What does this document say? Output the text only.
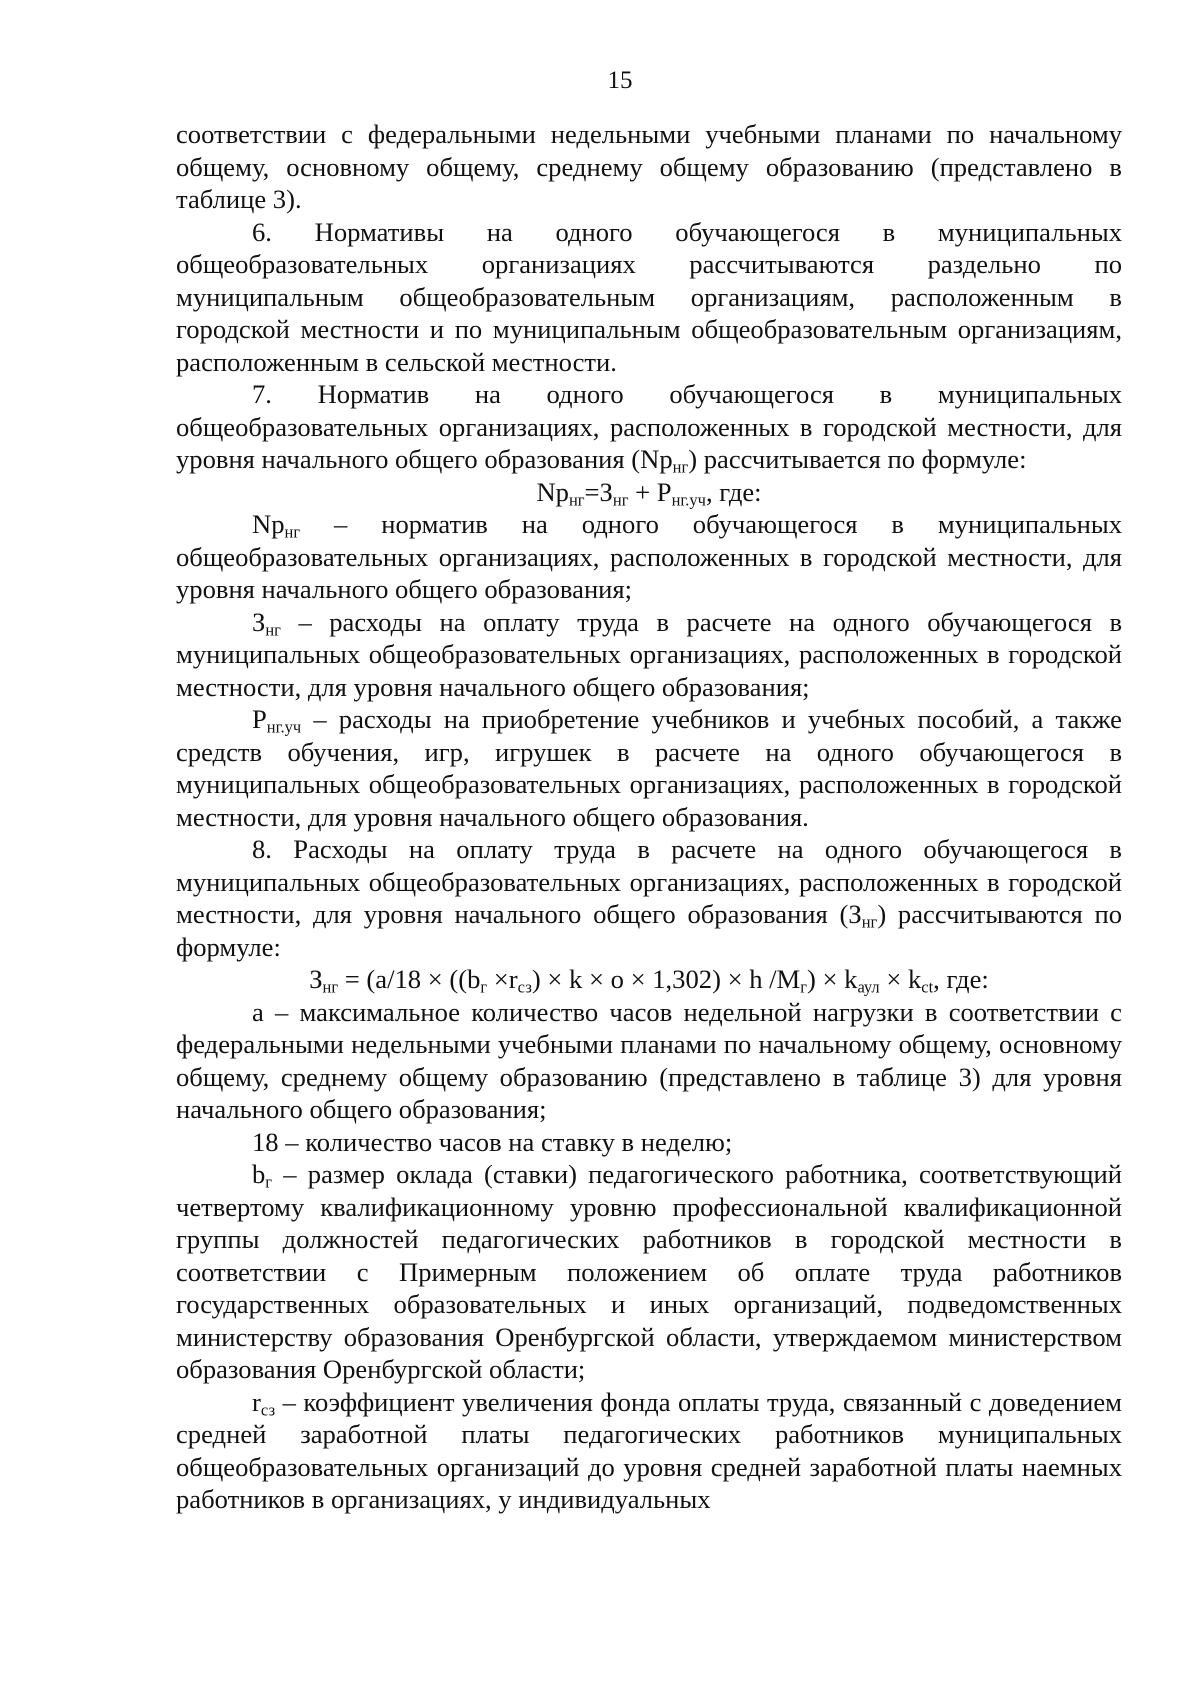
15

соответствии с федеральными недельными учебными планами по начальному общему, основному общему, среднему общему образованию (представлено в таблице 3).

6. Нормативы на одного обучающегося в муниципальных общеобразовательных организациях рассчитываются раздельно по муниципальным общеобразовательным организациям, расположенным в городской местности и по муниципальным общеобразовательным организациям, расположенным в сельской местности.

7. Норматив на одного обучающегося в муниципальных общеобразовательных организациях, расположенных в городской местности, для уровня начального общего образования $(Np_{нг})$ рассчитывается по формуле:

$Np_{нг}=З_{нг} + P_{нг.уч}$, где:

$Np_{нг}$ – норматив на одного обучающегося в муниципальных общеобразовательных организациях, расположенных в городской местности, для уровня начального общего образования;

$З_{нг}$ – расходы на оплату труда в расчете на одного обучающегося в муниципальных общеобразовательных организациях, расположенных в городской местности, для уровня начального общего образования;

$P_{нг.уч}$ – расходы на приобретение учебников и учебных пособий, а также средств обучения, игр, игрушек в расчете на одного обучающегося в муниципальных общеобразовательных организациях, расположенных в городской местности, для уровня начального общего образования.

8. Расходы на оплату труда в расчете на одного обучающегося в муниципальных общеобразовательных организациях, расположенных в городской местности, для уровня начального общего образования $(З_{нг})$ рассчитываются по формуле:

$З_{нг} = (a/18 \times ((b_г \times r_{сз}) \times k \times o \times 1,302) \times h$ $/M_г) \times k_{аул} \times k_{ct}$, где:

a – максимальное количество часов недельной нагрузки в соответствии с федеральными недельными учебными планами по начальному общему, основному общему, среднему общему образованию (представлено в таблице 3) для уровня начального общего образования;

18 – количество часов на ставку в неделю;

$b_г$ – размер оклада (ставки) педагогического работника, соответствующий четвертому квалификационному уровню профессиональной квалификационной группы должностей педагогических работников в городской местности в соответствии с Примерным положением об оплате труда работников государственных образовательных и иных организаций, подведомственных министерству образования Оренбургской области, утверждаемом министерством образования Оренбургской области;

$r_{сз}$ – коэффициент увеличения фонда оплаты труда, связанный с доведением средней заработной платы педагогических работников муниципальных общеобразовательных организаций до уровня средней заработной платы наемных работников в организациях, у индивидуальных
